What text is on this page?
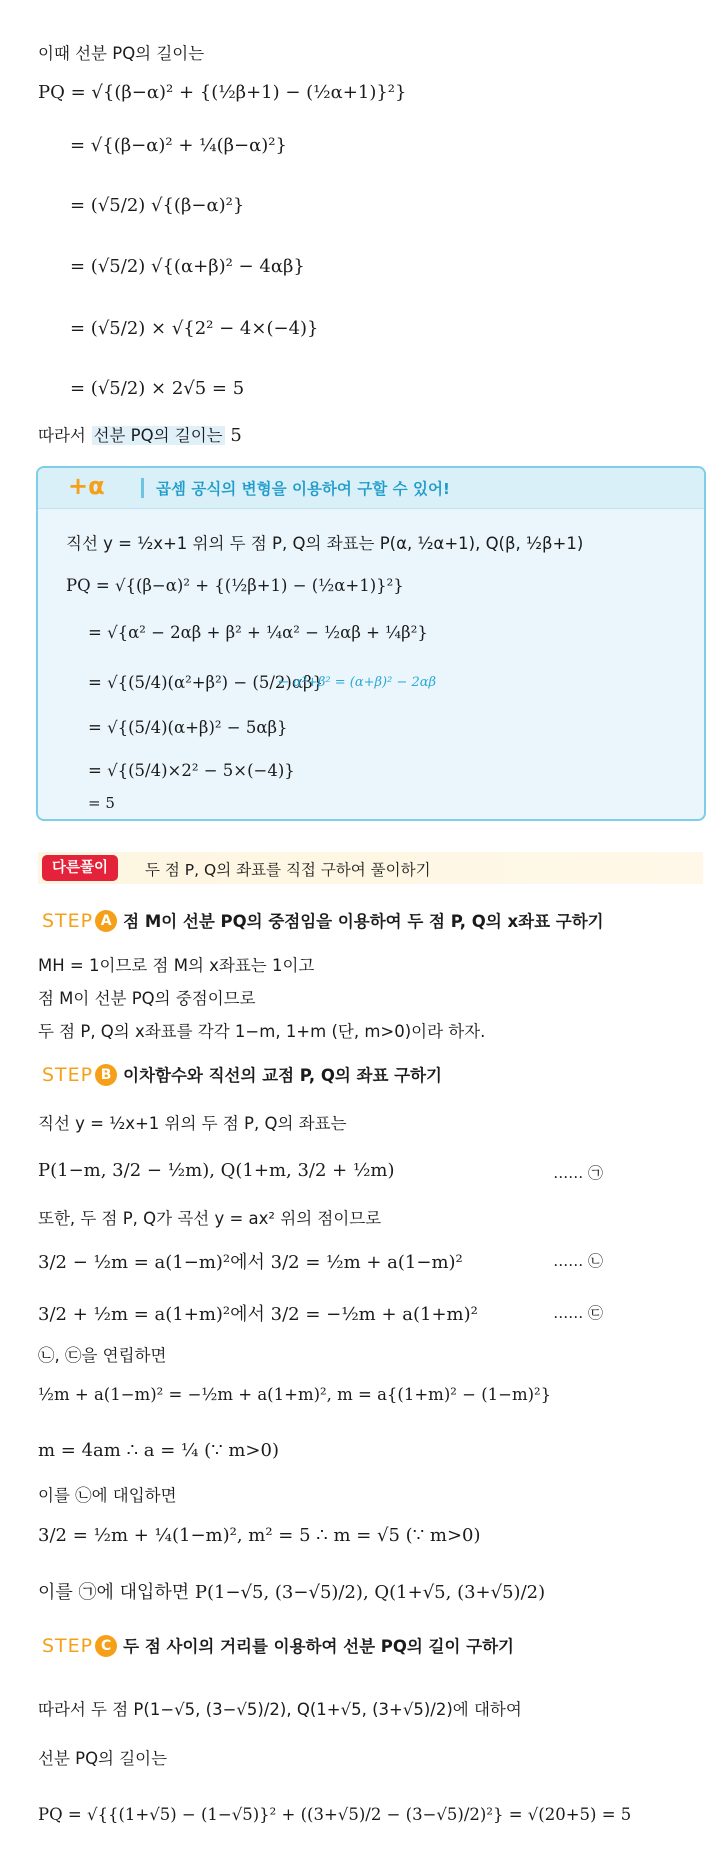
이때 선분 PQ의 길이는
PQ = √{(β−α)² + {(½β+1) − (½α+1)}²}
= √{(β−α)² + ¼(β−α)²}
= (√5/2) √{(β−α)²}
= (√5/2) √{(α+β)² − 4αβ}
= (√5/2) × √{2² − 4×(−4)}
= (√5/2) × 2√5 = 5
따라서 선분 PQ의 길이는 5
+α	곱셈 공식의 변형을 이용하여 구할 수 있어!
직선 y = ½x+1 위의 두 점 P, Q의 좌표는 P(α, ½α+1), Q(β, ½β+1)
PQ = √{(β−α)² + {(½β+1) − (½α+1)}²}
= √{α² − 2αβ + β² + ¼α² − ½αβ + ¼β²}
= √{(5/4)(α²+β²) − (5/2)αβ}
← α²+β² = (α+β)² − 2αβ
= √{(5/4)(α+β)² − 5αβ}
= √{(5/4)×2² − 5×(−4)}
= 5
다른풀이	두 점 P, Q의 좌표를 직접 구하여 풀이하기
STEP A 점 M이 선분 PQ의 중점임을 이용하여 두 점 P, Q의 x좌표 구하기
MH = 1이므로 점 M의 x좌표는 1이고
점 M이 선분 PQ의 중점이므로
두 점 P, Q의 x좌표를 각각 1−m, 1+m (단, m>0)이라 하자.
STEP B 이차함수와 직선의 교점 P, Q의 좌표 구하기
직선 y = ½x+1 위의 두 점 P, Q의 좌표는
P(1−m, 3/2 − ½m), Q(1+m, 3/2 + ½m)	…… ㉠
또한, 두 점 P, Q가 곡선 y = ax² 위의 점이므로
3/2 − ½m = a(1−m)²에서 3/2 = ½m + a(1−m)²	…… ㉡
3/2 + ½m = a(1+m)²에서 3/2 = −½m + a(1+m)²	…… ㉢
㉡, ㉢을 연립하면
½m + a(1−m)² = −½m + a(1+m)², m = a{(1+m)² − (1−m)²}
m = 4am ∴ a = ¼ (∵ m>0)
이를 ㉡에 대입하면
3/2 = ½m + ¼(1−m)², m² = 5 ∴ m = √5 (∵ m>0)
이를 ㉠에 대입하면 P(1−√5, (3−√5)/2), Q(1+√5, (3+√5)/2)
STEP C 두 점 사이의 거리를 이용하여 선분 PQ의 길이 구하기
따라서 두 점 P(1−√5, (3−√5)/2), Q(1+√5, (3+√5)/2)에 대하여
선분 PQ의 길이는
PQ = √{{(1+√5) − (1−√5)}² + ((3+√5)/2 − (3−√5)/2)²} = √(20+5) = 5
